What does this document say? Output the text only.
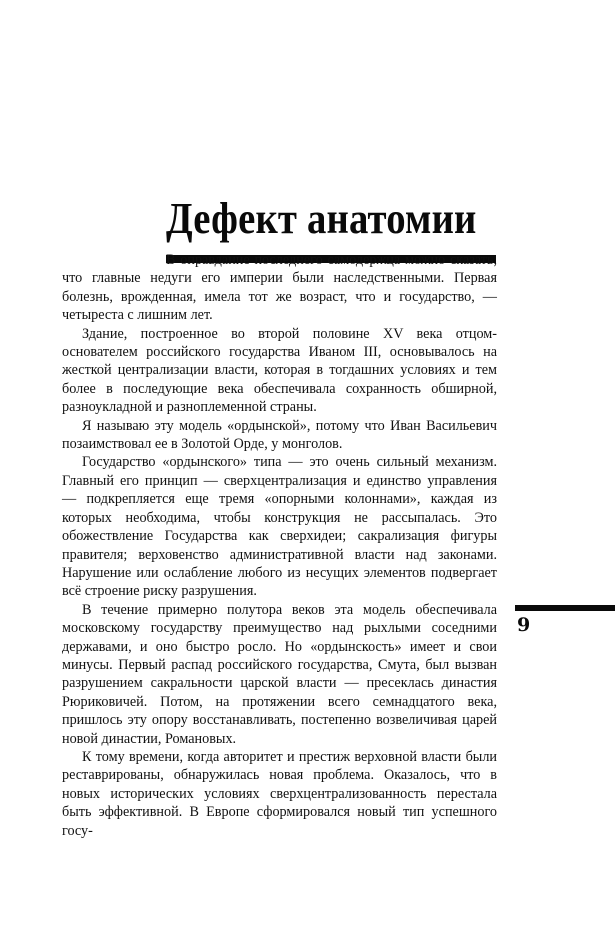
Дефект анатомии

В оправдание последнего самодержца можно сказать, что главные недуги его империи были наследственными. Первая болезнь, врожденная, имела тот же возраст, что и государство, — четыреста с лишним лет.

Здание, построенное во второй половине XV века отцом-основателем российского государства Иваном III, основывалось на жесткой централизации власти, которая в тогдашних условиях и тем более в последующие века обеспечивала сохранность обширной, разноукладной и разноплеменной страны.

Я называю эту модель «ордынской», потому что Иван Васильевич позаимствовал ее в Золотой Орде, у монголов.

Государство «ордынского» типа — это очень сильный механизм. Главный его принцип — сверхцентрализация и единство управления — подкрепляется еще тремя «опорными колоннами», каждая из которых необходима, чтобы конструкция не рассыпалась. Это обожествление Государства как сверхидеи; сакрализация фигуры правителя; верховенство административной власти над законами. Нарушение или ослабление любого из несущих элементов подвергает всё строение риску разрушения.

В течение примерно полутора веков эта модель обеспечивала московскому государству преимущество над рыхлыми соседними державами, и оно быстро росло. Но «ордынскость» имеет и свои минусы. Первый распад российского государства, Смута, был вызван разрушением сакральности царской власти — пресеклась династия Рюриковичей. Потом, на протяжении всего семнадцатого века, пришлось эту опору восстанавливать, постепенно возвеличивая царей новой династии, Романовых.

К тому времени, когда авторитет и престиж верховной власти были реставрированы, обнаружилась новая проблема. Оказалось, что в новых исторических условиях сверхцентрализованность перестала быть эффективной. В Европе сформировался новый тип успешного госу-

9
